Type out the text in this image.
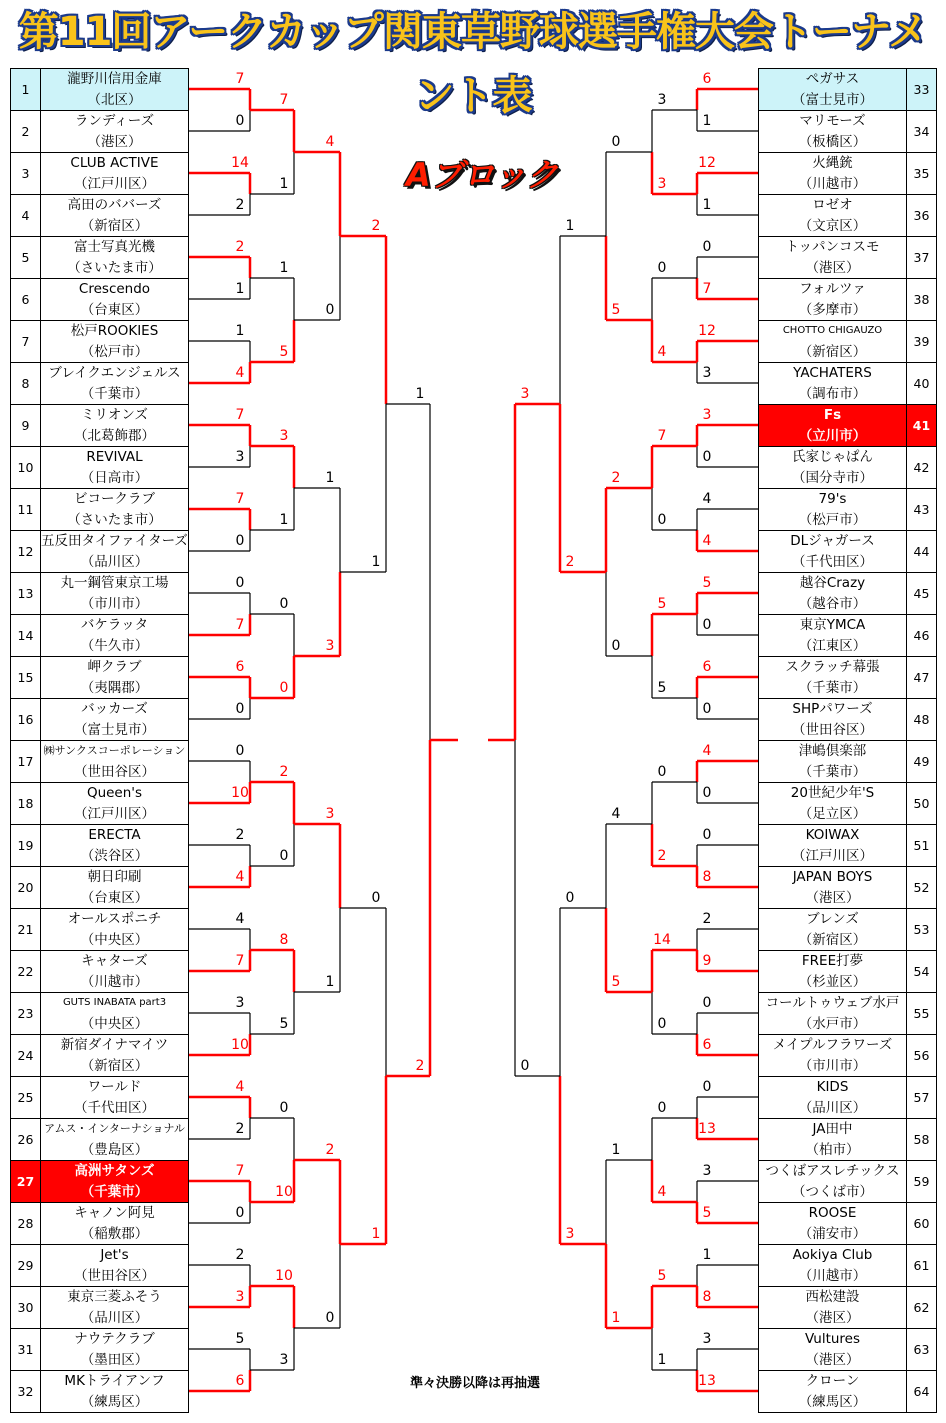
第11回アークカップ関東草野球選手権大会トーナメント表
Aブロック
1
瀧野川信用金庫
（北区）
2
ランディーズ
（港区）
3
CLUB ACTIVE
（江戸川区）
4
高田のババーズ
（新宿区）
5
富士写真光機
（さいたま市）
6
Crescendo
（台東区）
7
松戸ROOKIES
（松戸市）
8
ブレイクエンジェルス
（千葉市）
9
ミリオンズ
（北葛飾郡）
10
REVIVAL
（日高市）
11
ビコークラブ
（さいたま市）
12
五反田タイファイターズ
（品川区）
13
丸一鋼管東京工場
（市川市）
14
バケラッタ
（牛久市）
15
岬クラブ
（夷隅郡）
16
バッカーズ
（富士見市）
17
㈱サンクスコーポレーション
（世田谷区）
18
Queen's
（江戸川区）
19
ERECTA
（渋谷区）
20
朝日印刷
（台東区）
21
オールスポニチ
（中央区）
22
キャターズ
（川越市）
23
GUTS INABATA part3
（中央区）
24
新宿ダイナマイツ
（新宿区）
25
ワールド
（千代田区）
26
アムス・インターナショナル
（豊島区）
27
高洲サタンズ
（千葉市）
28
キャノン阿見
（稲敷郡）
29
Jet's
（世田谷区）
30
東京三菱ふそう
（品川区）
31
ナウテクラブ
（墨田区）
32
MKトライアンフ
（練馬区）
33
ペガサス
（富士見市）
34
マリモーズ
（板橋区）
35
火縄銃
（川越市）
36
ロゼオ
（文京区）
37
トッパンコスモ
（港区）
38
フォルツァ
（多摩市）
39
CHOTTO CHIGAUZO
（新宿区）
40
YACHATERS
（調布市）
41
Fs
（立川市）
42
氏家じゃぱん
（国分寺市）
43
79's
（松戸市）
44
DLジャガース
（千代田区）
45
越谷Crazy
（越谷市）
46
東京YMCA
（江東区）
47
スクラッチ幕張
（千葉市）
48
SHPパワーズ
（世田谷区）
49
津嶋倶楽部
（千葉市）
50
20世紀少年'S
（足立区）
51
KOIWAX
（江戸川区）
52
JAPAN BOYS
（港区）
53
ブレンズ
（新宿区）
54
FREE打夢
（杉並区）
55
コールトゥウェブ水戸
（水戸市）
56
メイプルフラワーズ
（市川市）
57
KIDS
（品川区）
58
JA田中
（柏市）
59
つくばアスレチックス
（つくば市）
60
ROOSE
（浦安市）
61
Aokiya Club
（川越市）
62
西松建設
（港区）
63
Vultures
（港区）
64
クローン
（練馬区）
7
0
14
2
2
1
1
4
7
3
7
0
0
7
6
0
0
10
2
4
4
7
3
10
4
2
7
0
2
3
5
6
7
1
1
5
3
1
0
0
2
0
8
5
0
10
10
3
4
0
1
3
3
1
2
0
2
1
0
1
1
2
6
1
12
1
0
7
12
3
3
0
4
4
5
0
6
0
4
0
0
8
2
9
0
6
0
13
3
5
1
8
3
13
3
3
0
4
7
0
5
5
0
2
14
0
0
4
5
1
0
5
2
0
4
5
1
1
1
2
0
3
3
0
準々決勝以降は再抽選
